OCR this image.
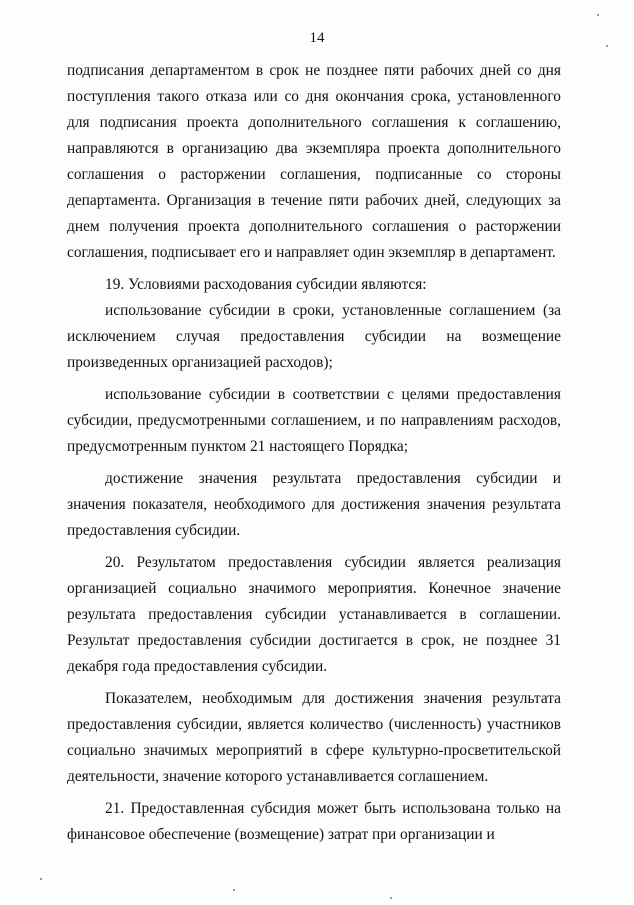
14

подписания департаментом в срок не позднее пяти рабочих дней со дня поступления такого отказа или со дня окончания срока, установленного для подписания проекта дополнительного соглашения к соглашению, направляются в организацию два экземпляра проекта дополнительного соглашения о расторжении соглашения, подписанные со стороны департамента. Организация в течение пяти рабочих дней, следующих за днем получения проекта дополнительного соглашения о расторжении соглашения, подписывает его и направляет один экземпляр в департамент.

19. Условиями расходования субсидии являются:

использование субсидии в сроки, установленные соглашением (за исключением случая предоставления субсидии на возмещение произведенных организацией расходов);

использование субсидии в соответствии с целями предоставления субсидии, предусмотренными соглашением, и по направлениям расходов, предусмотренным пунктом 21 настоящего Порядка;

достижение значения результата предоставления субсидии и значения показателя, необходимого для достижения значения результата предоставления субсидии.

20. Результатом предоставления субсидии является реализация организацией социально значимого мероприятия. Конечное значение результата предоставления субсидии устанавливается в соглашении. Результат предоставления субсидии достигается в срок, не позднее 31 декабря года предоставления субсидии.

Показателем, необходимым для достижения значения результата предоставления субсидии, является количество (численность) участников социально значимых мероприятий в сфере культурно-просветительской деятельности, значение которого устанавливается соглашением.

21. Предоставленная субсидия может быть использована только на финансовое обеспечение (возмещение) затрат при организации и
